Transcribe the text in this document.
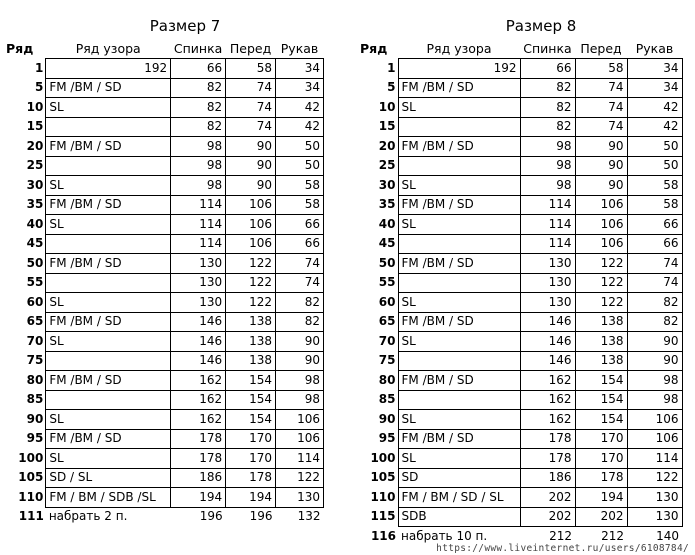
Размер 7
Ряд	Ряд узора	Спинка	Перед	Рукав
1	192	66	58	34
5	FM /BM / SD	82	74	34
10	SL	82	74	42
15		82	74	42
20	FM /BM / SD	98	90	50
25		98	90	50
30	SL	98	90	58
35	FM /BM / SD	114	106	58
40	SL	114	106	66
45		114	106	66
50	FM /BM / SD	130	122	74
55		130	122	74
60	SL	130	122	82
65	FM /BM / SD	146	138	82
70	SL	146	138	90
75		146	138	90
80	FM /BM / SD	162	154	98
85		162	154	98
90	SL	162	154	106
95	FM /BM / SD	178	170	106
100	SL	178	170	114
105	SD / SL	186	178	122
110	FM / BM / SDB /SL	194	194	130
111	набрать 2 п.	196	196	132
Размер 8
Ряд	Ряд узора	Спинка	Перед	Рукав
1	192	66	58	34
5	FM /BM / SD	82	74	34
10	SL	82	74	42
15		82	74	42
20	FM /BM / SD	98	90	50
25		98	90	50
30	SL	98	90	58
35	FM /BM / SD	114	106	58
40	SL	114	106	66
45		114	106	66
50	FM /BM / SD	130	122	74
55		130	122	74
60	SL	130	122	82
65	FM /BM / SD	146	138	82
70	SL	146	138	90
75		146	138	90
80	FM /BM / SD	162	154	98
85		162	154	98
90	SL	162	154	106
95	FM /BM / SD	178	170	106
100	SL	178	170	114
105	SD	186	178	122
110	FM / BM / SD / SL	202	194	130
115	SDB	202	202	130
116	набрать 10 п.	212	212	140
https://www.liveinternet.ru/users/6108784/
